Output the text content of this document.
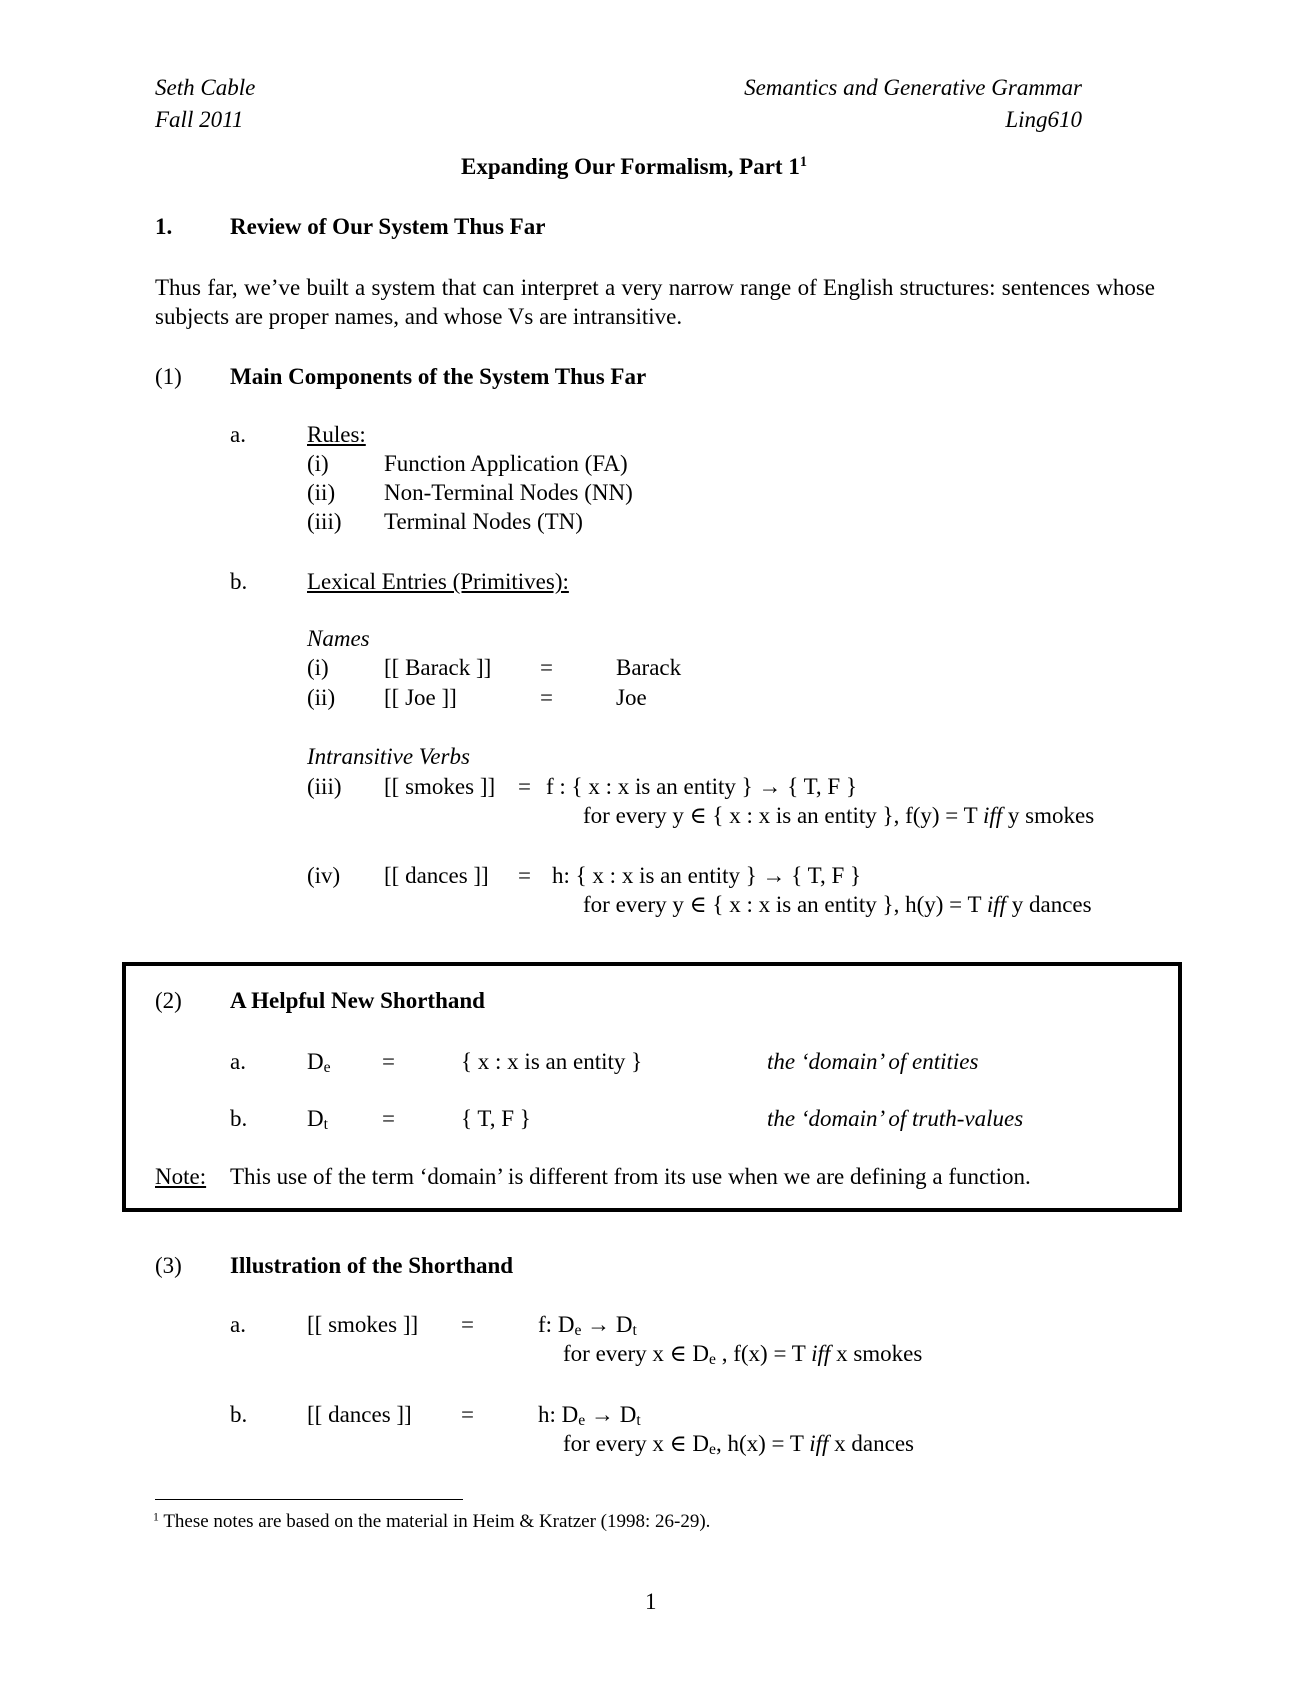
Seth Cable
Fall 2011
Semantics and Generative Grammar
Ling610
Expanding Our Formalism, Part $1^1$
1.	Review of Our System Thus Far
Thus far, we’ve built a system that can interpret a very narrow range of English structures: sentences whose subjects are proper names, and whose Vs are intransitive.
(1) Main Components of the System Thus Far
a.	Rules:
(i) Function Application (FA)
(ii) Non-Terminal Nodes (NN)
(iii) Terminal Nodes (TN)
b.	Lexical Entries (Primitives):
Names
(i) [[ Barack ]] =	Barack
(ii) [[ Joe ]]	=	Joe
Intransitive Verbs
(iii) [[ smokes ]] = f : { x : x is an entity } → { T, F }
for every y ∈ { x : x is an entity }, f(y) = T iff y smokes
(iv) [[ dances ]] = h: { x : x is an entity } → { T, F }
for every y ∈ { x : x is an entity }, h(y) = T iff y dances
(2) A Helpful New Shorthand
a.	$D_e$ =	{ x : x is an entity }	the ‘domain’ of entities
b.	$D_t$ =	{ T, F }	the ‘domain’ of truth-values
Note: This use of the term ‘domain’ is different from its use when we are defining a function.
(3) Illustration of the Shorthand
a.	[[ smokes ]] =	f: $D_e \to D_t$
for every x ∈ $D_e$ , f(x) = T iff x smokes
b.	[[ dances ]] =	h: $D_e \to D_t$
for every x ∈ $D_e$, h(x) = T iff x dances
$^1$ These notes are based on the material in Heim & Kratzer (1998: 26-29).
1
